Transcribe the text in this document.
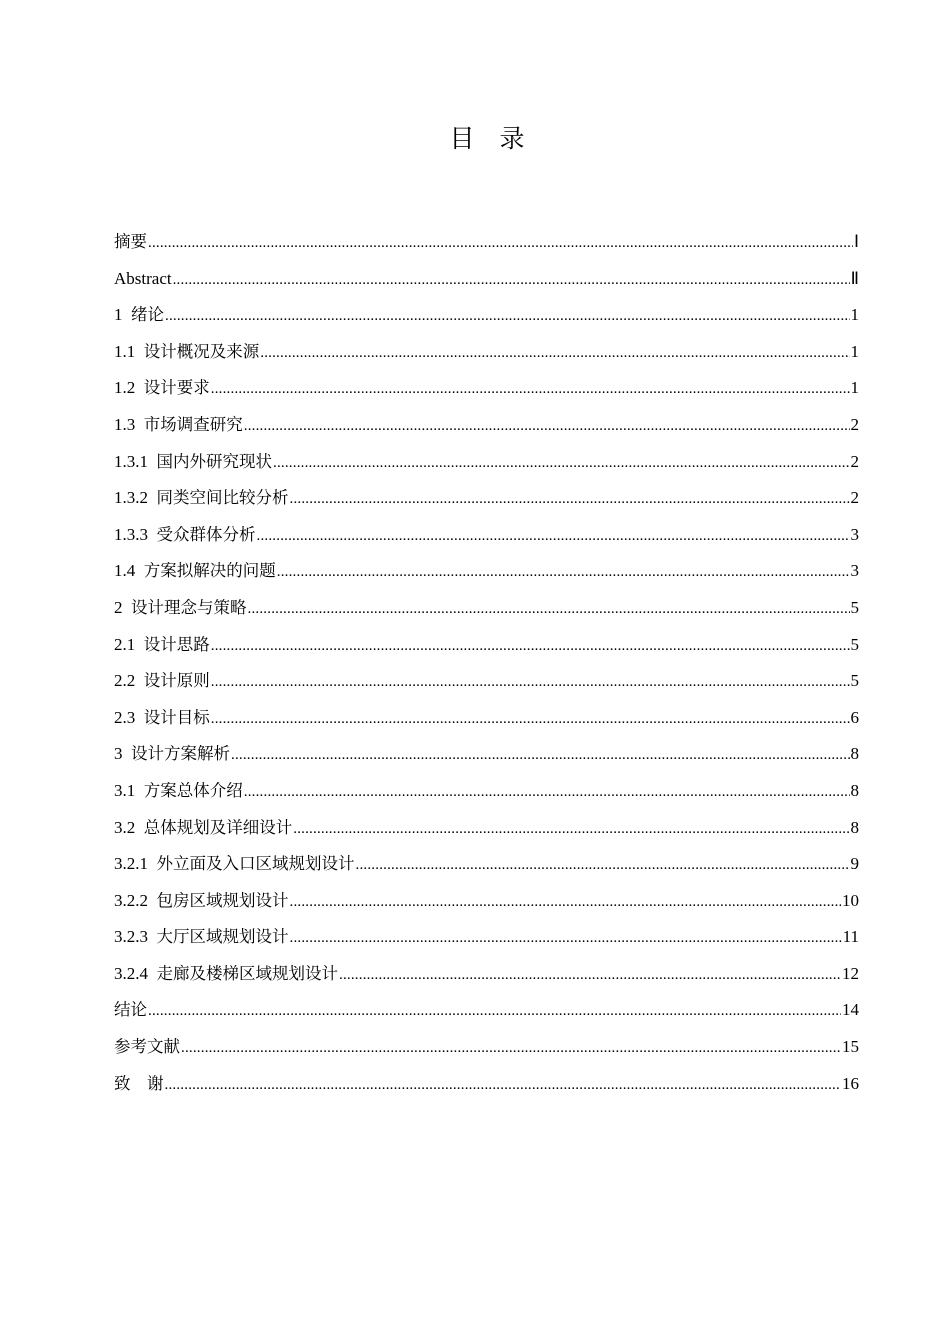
目　录
摘要 .....	Ⅰ
Abstract .....	Ⅱ
1  绪论 .....	1
1.1  设计概况及来源 .....	1
1.2  设计要求 .....	1
1.3  市场调查研究 .....	2
1.3.1  国内外研究现状 .....	2
1.3.2  同类空间比较分析 .....	2
1.3.3  受众群体分析 .....	3
1.4  方案拟解决的问题 .....	3
2  设计理念与策略 .....	5
2.1  设计思路 .....	5
2.2  设计原则 .....	5
2.3  设计目标 .....	6
3  设计方案解析 .....	8
3.1  方案总体介绍 .....	8
3.2  总体规划及详细设计 .....	8
3.2.1  外立面及入口区域规划设计 .....	9
3.2.2  包房区域规划设计 .....	10
3.2.3  大厅区域规划设计 .....	11
3.2.4  走廊及楼梯区域规划设计 .....	12
结论 .....	14
参考文献 .....	15
致　谢 .....	16
